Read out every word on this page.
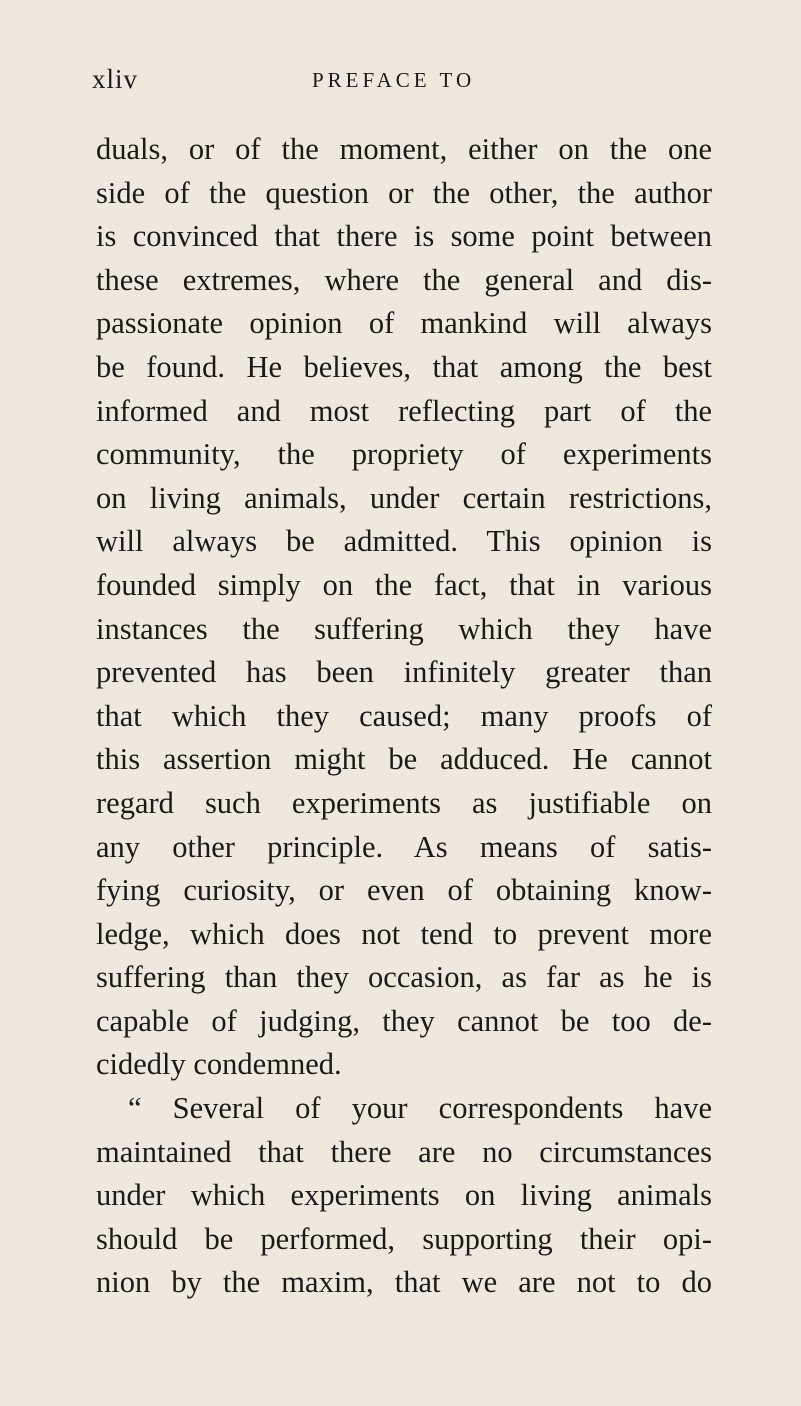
xliv	PREFACE TO
duals, or of the moment, either on the one
side of the question or the other, the author
is convinced that there is some point between
these extremes, where the general and dis-
passionate opinion of mankind will always
be found. He believes, that among the best
informed and most reflecting part of the
community, the propriety of experiments
on living animals, under certain restrictions,
will always be admitted. This opinion is
founded simply on the fact, that in various
instances the suffering which they have
prevented has been infinitely greater than
that which they caused; many proofs of
this assertion might be adduced. He cannot
regard such experiments as justifiable on
any other principle. As means of satis-
fying curiosity, or even of obtaining know-
ledge, which does not tend to prevent more
suffering than they occasion, as far as he is
capable of judging, they cannot be too de-
cidedly condemned.
“ Several of your correspondents have
maintained that there are no circumstances
under which experiments on living animals
should be performed, supporting their opi-
nion by the maxim, that we are not to do
